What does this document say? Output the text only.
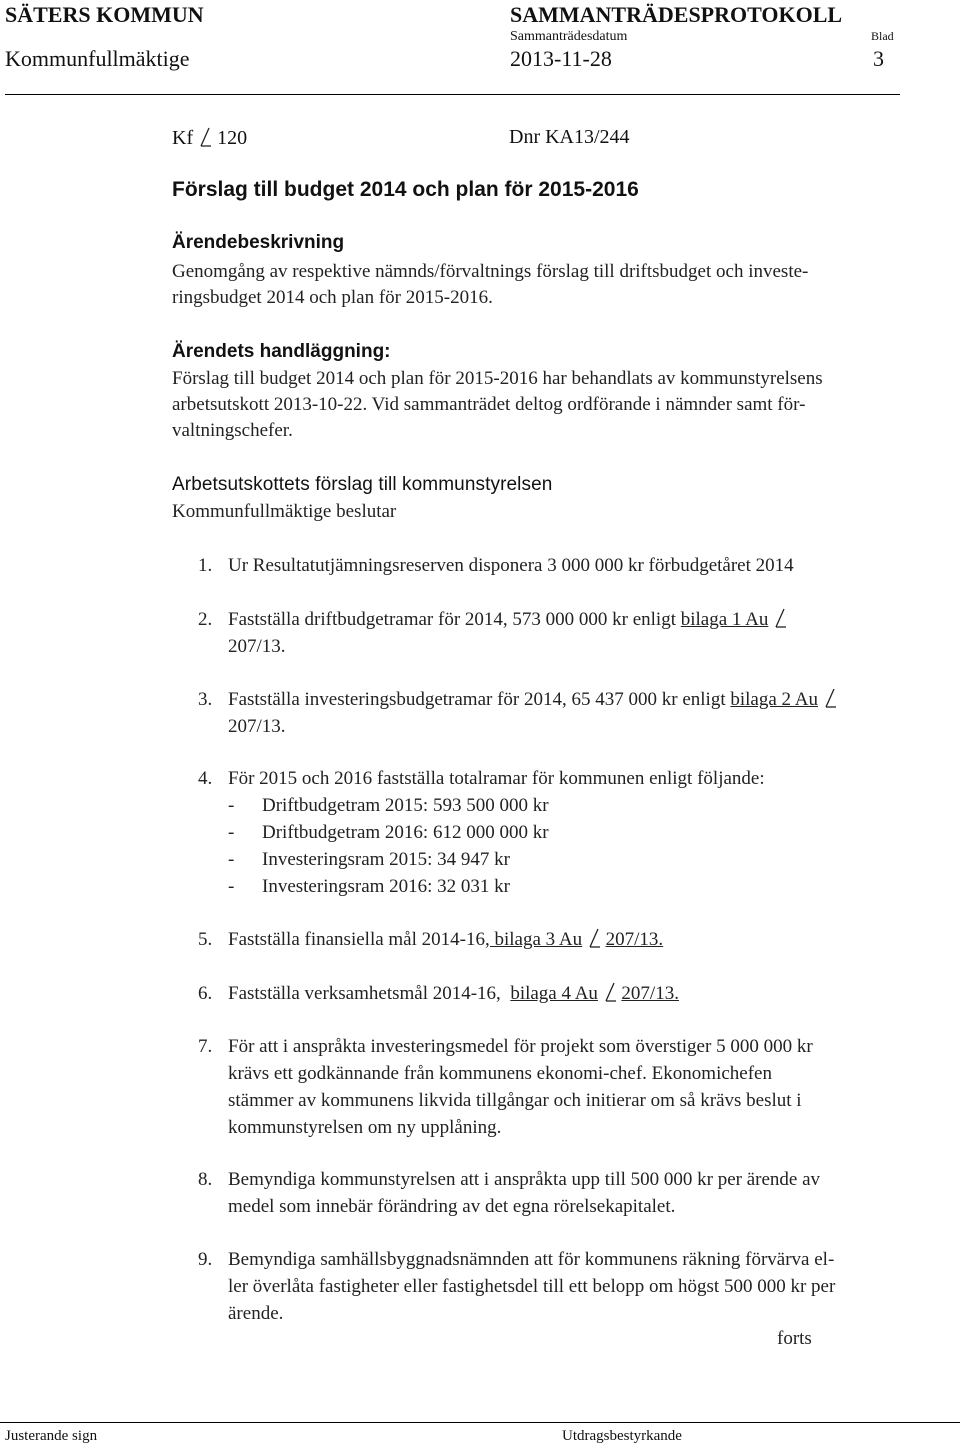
SÄTERS KOMMUN	SAMMANTRÄDESPROTOKOLL
Sammanträdesdatum	Blad
Kommunfullmäktige	2013-11-28	3
Kf 120	Dnr KA13/244
Förslag till budget 2014 och plan för 2015-2016
Ärendebeskrivning
Genomgång av respektive nämnds/förvaltnings förslag till driftsbudget och investe-
ringsbudget 2014 och plan för 2015-2016.
Ärendets handläggning:
Förslag till budget 2014 och plan för 2015-2016 har behandlats av kommunstyrelsens
arbetsutskott 2013-10-22. Vid sammanträdet deltog ordförande i nämnder samt för-
valtningschefer.
Arbetsutskottets förslag till kommunstyrelsen
Kommunfullmäktige beslutar
1. Ur Resultatutjämningsreserven disponera 3 000 000 kr förbudgetåret 2014
2. Fastställa driftbudgetramar för 2014, 573 000 000 kr enligt bilaga 1 Au
207/13.
3. Fastställa investeringsbudgetramar för 2014, 65 437 000 kr enligt bilaga 2 Au
207/13.
4. För 2015 och 2016 fastställa totalramar för kommunen enligt följande:
- Driftbudgetram 2015: 593 500 000 kr
- Driftbudgetram 2016: 612 000 000 kr
- Investeringsram 2015: 34 947 kr
- Investeringsram 2016: 32 031 kr
5. Fastställa finansiella mål 2014-16, bilaga 3 Au 207/13.
6. Fastställa verksamhetsmål 2014-16,  bilaga 4 Au 207/13.
7. För att i anspråkta investeringsmedel för projekt som överstiger 5 000 000 kr
krävs ett godkännande från kommunens ekonomi-chef. Ekonomichefen
stämmer av kommunens likvida tillgångar och initierar om så krävs beslut i
kommunstyrelsen om ny upplåning.
8. Bemyndiga kommunstyrelsen att i anspråkta upp till 500 000 kr per ärende av
medel som innebär förändring av det egna rörelsekapitalet.
9. Bemyndiga samhällsbyggnadsnämnden att för kommunens räkning förvärva el-
ler överlåta fastigheter eller fastighetsdel till ett belopp om högst 500 000 kr per
ärende.
forts
Justerande sign	Utdragsbestyrkande
